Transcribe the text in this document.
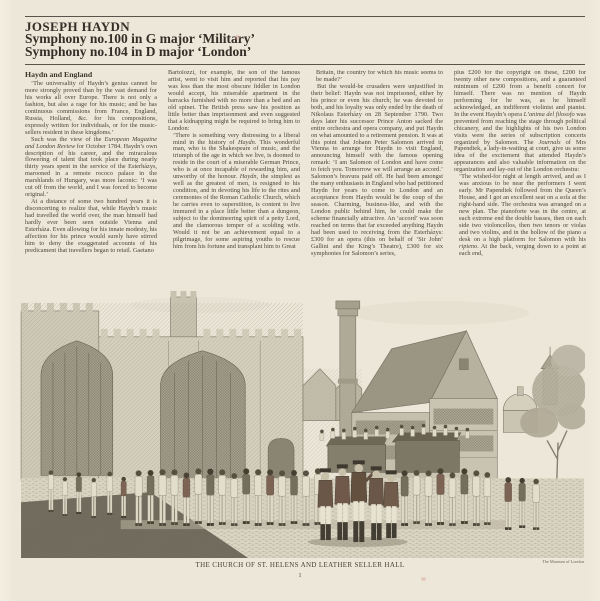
JOSEPH HAYDN
Symphony no.100 in G major ‘Military’
Symphony no.104 in D major ‘London’
Haydn and England

‘The universality of Haydn’s genius cannot be more strongly proved than by the vast demand for his works all over Europe. There is not only a fashion, but also a rage for his music; and he has continuous commissions from France, England, Russia, Holland, &c. for his compositions, expressly written for individuals, or for the music-sellers resident in these kingdoms.’

Such was the view of the European Magazine and London Review for October 1784. Haydn’s own description of his career, and the miraculous flowering of talent that took place during nearly thirty years spent in the service of the Esterházys, marooned in a remote rococo palace in the marshlands of Hungary, was more laconic: ‘I was cut off from the world, and I was forced to become original.’

At a distance of some two hundred years it is disconcerting to realize that, while Haydn’s music had travelled the world over, the man himself had hardly ever been seen outside Vienna and Esterháza. Even allowing for his innate modesty, his affection for his prince would surely have stirred him to deny the exaggerated accounts of his predicament that travellers began to retail. Gaetano

Bartolozzi, for example, the son of the famous artist, went to visit him and reported that his pay was less than the most obscure fiddler in London would accept, his miserable apartment in the barracks furnished with no more than a bed and an old spinet. The British press saw his position as little better than imprisonment and even suggested that a kidnapping might be required to bring him to London:

‘There is something very distressing to a liberal mind in the history of Haydn. This wonderful man, who is the Shakespeare of music, and the triumph of the age in which we live, is doomed to reside in the court of a miserable German Prince, who is at once incapable of rewarding him, and unworthy of the honour. Haydn, the simplest as well as the greatest of men, is resigned to his condition, and in devoting his life to the rites and ceremonies of the Roman Catholic Church, which he carries even to superstition, is content to live immured in a place little better than a dungeon, subject to the domineering spirit of a petty Lord, and the clamorous temper of a scolding wife. Would it not be an achievement equal to a pilgrimage, for some aspiring youths to rescue him from his fortune and transplant him to Great

Britain, the country for which his music seems to be made?’

But the would-be crusaders were unjustified in their belief: Haydn was not imprisoned, either by his prince or even his church; he was devoted to both, and his loyalty was only ended by the death of Nikolaus Esterházy on 28 September 1790. Two days later his successor Prince Anton sacked the entire orchestra and opera company, and put Haydn on what amounted to a retirement pension. It was at this point that Johann Peter Salomon arrived in Vienna to arrange for Haydn to visit England, announcing himself with the famous opening remark: ‘I am Salomon of London and have come to fetch you. Tomorrow we will arrange an accord.’ Salomon’s bravura paid off. He had been amongst the many enthusiasts in England who had petitioned Haydn for years to come to London and an acceptance from Haydn would be the coup of the season. Charming, business-like, and with the London public behind him, he could make the scheme financially attractive. An ‘accord’ was soon reached on terms that far exceeded anything Haydn had been used to receiving from the Esterházys: £300 for an opera (this on behalf of ‘Sir John’ Gallini and the King’s Theatre), £300 for six symphonies for Salomon’s series,

plus £200 for the copyright on these, £200 for twenty other new compositions, and a guaranteed minimum of £200 from a benefit concert for himself. There was no mention of Haydn performing for he was, as he himself acknowledged, an indifferent violinist and pianist. In the event Haydn’s opera L’anima del filosofo was prevented from reaching the stage through political chicanery, and the highlights of his two London visits were the series of subscription concerts organized by Salomon. The Journals of Mrs Papendiek, a lady-in-waiting at court, give us some idea of the excitement that attended Haydn’s appearances and also valuable information on the organization and lay-out of the London orchestra:

‘The wished-for night at length arrived, and as I was anxious to be near the performers I went early. Mr Papendiek followed from the Queen’s House, and I got an excellent seat on a sofa at the right-hand side. The orchestra was arranged on a new plan. The pianoforte was in the centre, at each extreme end the double basses, then on each side two violoncellos, then two tenors or violas and two violins, and in the hollow of the piano a desk on a high platform for Salomon with his ripieno. At the back, verging down to a point at each end,

THE CHURCH OF ST. HELENS AND LEATHER SELLER HALL	The Museum of London
1
